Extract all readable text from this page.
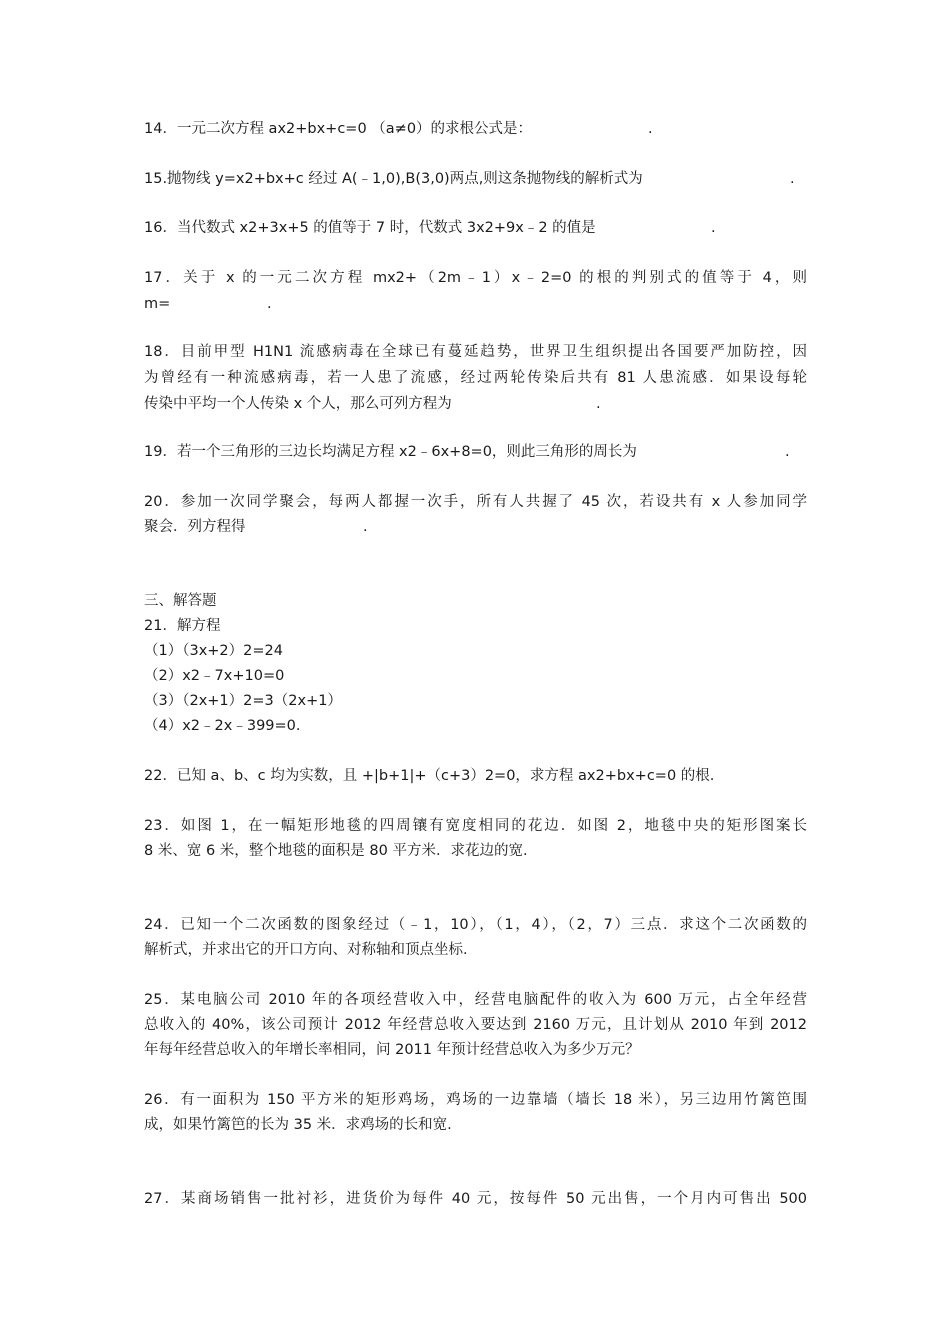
14．一元二次方程 ax2+bx+c=0 （a≠0）的求根公式是：	.
15.抛物线 y=x2+bx+c 经过 A(﹣1,0),B(3,0)两点,则这条抛物线的解析式为	.
16．当代数式 x2+3x+5 的值等于 7 时，代数式 3x2+9x﹣2 的值是	.
17．关于 x 的一元二次方程 mx2+（2m﹣1）x﹣2=0 的根的判别式的值等于 4，则
m=	.
18．目前甲型 H1N1 流感病毒在全球已有蔓延趋势，世界卫生组织提出各国要严加防控，因
为曾经有一种流感病毒，若一人患了流感，经过两轮传染后共有 81 人患流感．如果设每轮
传染中平均一个人传染 x 个人，那么可列方程为	.
19．若一个三角形的三边长均满足方程 x2﹣6x+8=0，则此三角形的周长为	.
20．参加一次同学聚会，每两人都握一次手，所有人共握了 45 次，若设共有 x 人参加同学
聚会．列方程得	.
三、解答题
21．解方程
（1）（3x+2）2=24
（2）x2﹣7x+10=0
（3）（2x+1）2=3（2x+1）
（4）x2﹣2x﹣399=0.
22．已知 a、b、c 均为实数，且 +|b+1|+（c+3）2=0，求方程 ax2+bx+c=0 的根.
23．如图 1，在一幅矩形地毯的四周镶有宽度相同的花边．如图 2，地毯中央的矩形图案长
8 米、宽 6 米，整个地毯的面积是 80 平方米．求花边的宽.
24．已知一个二次函数的图象经过（﹣1，10），（1，4），（2，7）三点．求这个二次函数的
解析式，并求出它的开口方向、对称轴和顶点坐标.
25．某电脑公司 2010 年的各项经营收入中，经营电脑配件的收入为 600 万元，占全年经营
总收入的 40%，该公司预计 2012 年经营总收入要达到 2160 万元，且计划从 2010 年到 2012
年每年经营总收入的年增长率相同，问 2011 年预计经营总收入为多少万元？
26．有一面积为 150 平方米的矩形鸡场，鸡场的一边靠墙（墙长 18 米），另三边用竹篱笆围
成，如果竹篱笆的长为 35 米．求鸡场的长和宽.
27．某商场销售一批衬衫，进货价为每件 40 元，按每件 50 元出售，一个月内可售出 500
